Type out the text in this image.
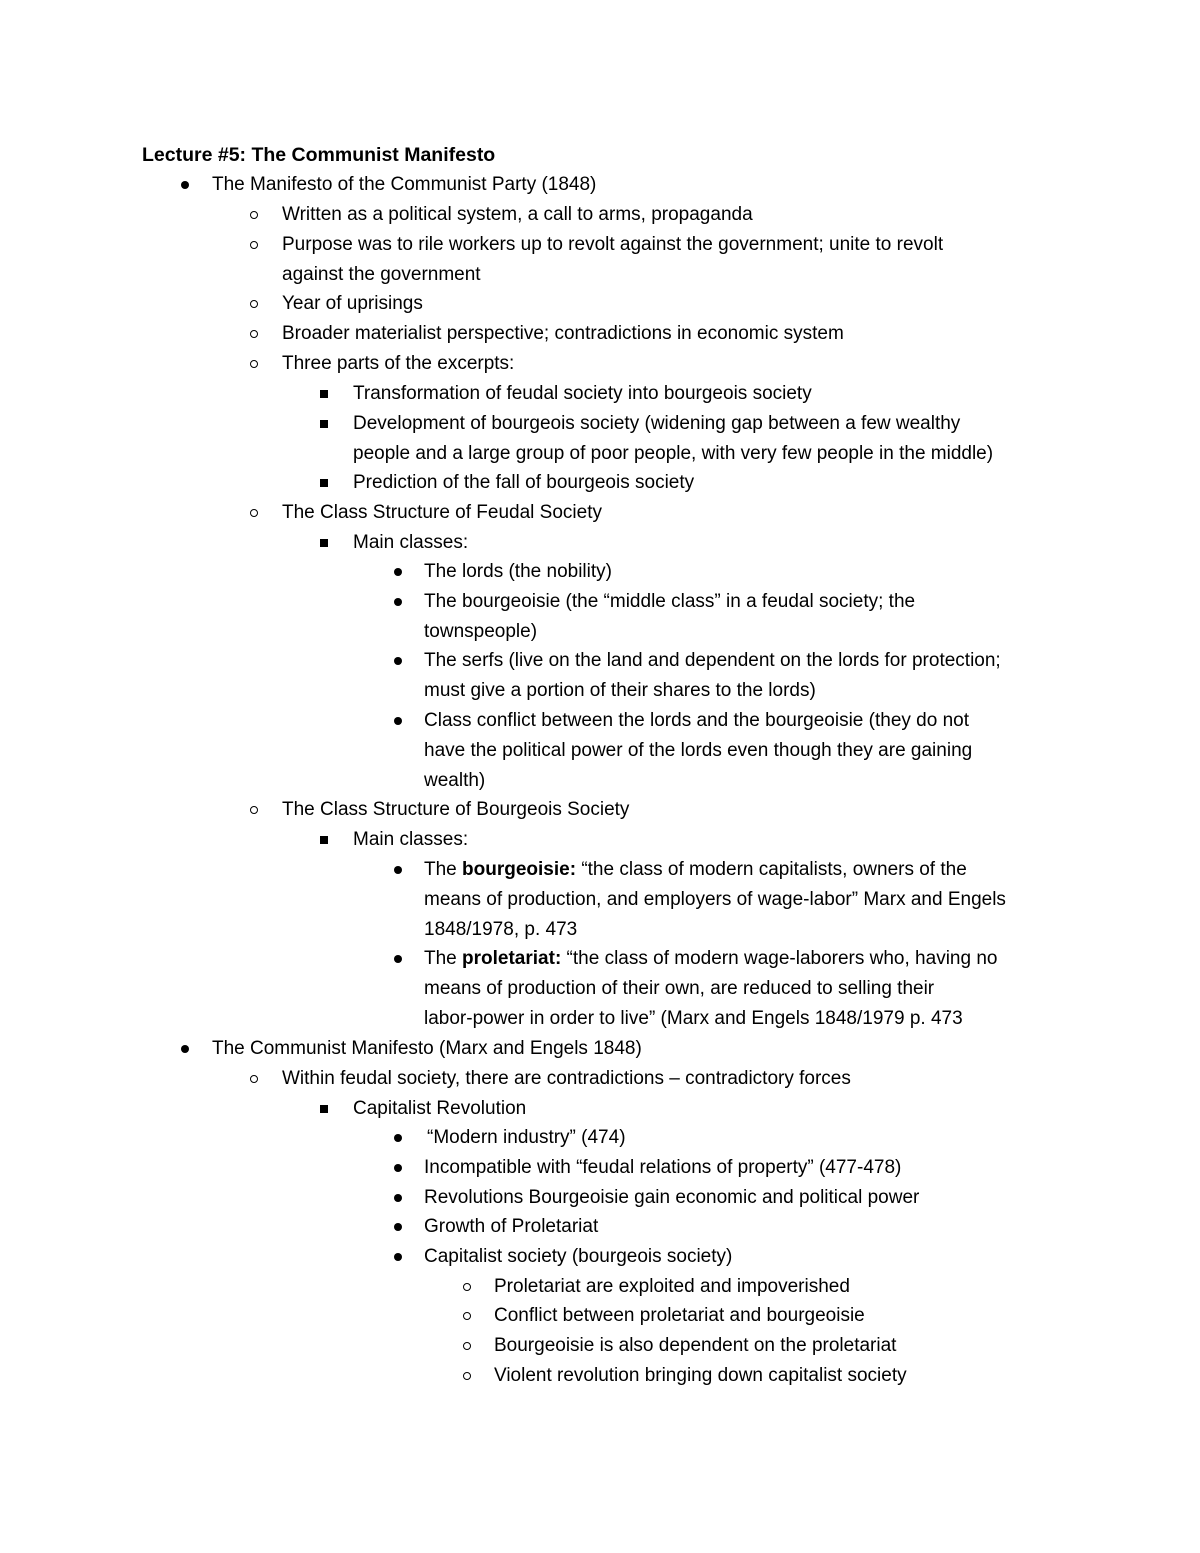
Lecture #5: The Communist Manifesto
The Manifesto of the Communist Party (1848)
Written as a political system, a call to arms, propaganda
Purpose was to rile workers up to revolt against the government; unite to revolt
against the government
Year of uprisings
Broader materialist perspective; contradictions in economic system
Three parts of the excerpts:
Transformation of feudal society into bourgeois society
Development of bourgeois society (widening gap between a few wealthy
people and a large group of poor people, with very few people in the middle)
Prediction of the fall of bourgeois society
The Class Structure of Feudal Society
Main classes:
The lords (the nobility)
The bourgeoisie (the “middle class” in a feudal society; the
townspeople)
The serfs (live on the land and dependent on the lords for protection;
must give a portion of their shares to the lords)
Class conflict between the lords and the bourgeoisie (they do not
have the political power of the lords even though they are gaining
wealth)
The Class Structure of Bourgeois Society
Main classes:
The bourgeoisie: “the class of modern capitalists, owners of the
means of production, and employers of wage-labor” Marx and Engels
1848/1978, p. 473
The proletariat: “the class of modern wage-laborers who, having no
means of production of their own, are reduced to selling their
labor-power in order to live” (Marx and Engels 1848/1979 p. 473
The Communist Manifesto (Marx and Engels 1848)
Within feudal society, there are contradictions – contradictory forces
Capitalist Revolution
“Modern industry” (474)
Incompatible with “feudal relations of property” (477-478)
Revolutions Bourgeoisie gain economic and political power
Growth of Proletariat
Capitalist society (bourgeois society)
Proletariat are exploited and impoverished
Conflict between proletariat and bourgeoisie
Bourgeoisie is also dependent on the proletariat
Violent revolution bringing down capitalist society
